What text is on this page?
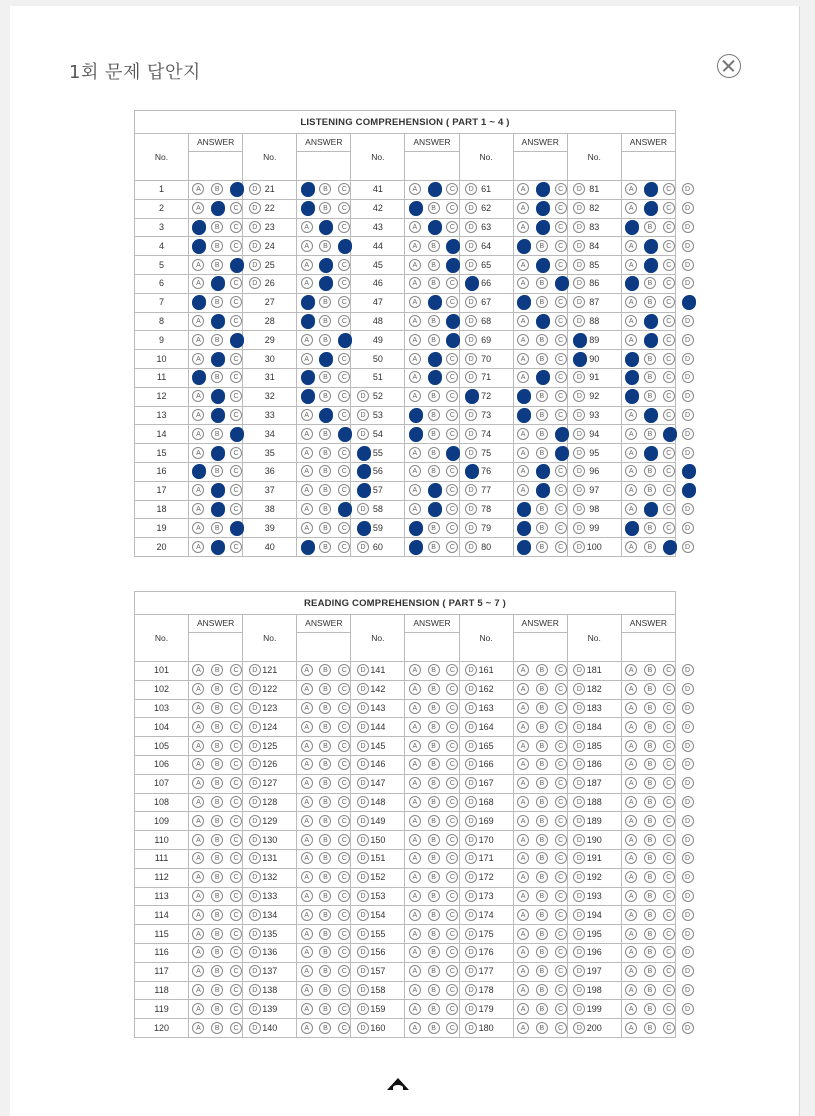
1회 문제 답안지
LISTENING COMPREHENSION ( PART 1 ~ 4 )									
No.	ANSWER	No.	ANSWER	No.	ANSWER	No.	ANSWER	No.	ANSWER

1	A B D	21	B C	41	A C D	61	A C D	81	A C D

2	A C D	22	B C	42	B C D	62	A C D	82	A C D

3	B C D	23	A C	43	A C D	63	A C D	83	B C D

4	B C D	24	A B	44	A B D	64	B C D	84	A C D

5	A B D	25	A C	45	A B D	65	A C D	85	A C D

6	A C D	26	A C	46	A B C	66	A B D	86	B C D

7	B C	27	B C	47	A C D	67	B C D	87	A B C

8	A C	28	B C	48	A B D	68	A C D	88	A C D

9	A B	29	A B	49	A B D	69	A B C	89	A C D

10	A C	30	A C	50	A C D	70	A B C	90	B C D

11	B C	31	B C	51	A C D	71	A C D	91	B C D

12	A C	32	B C D	52	A B C	72	B C D	92	B C D

13	A C	33	A C D	53	B C D	73	B C D	93	A C D

14	A B	34	A B D	54	B C D	74	A B D	94	A B D

15	A C	35	A B C	55	A B D	75	A B D	95	A C D

16	B C	36	A B C	56	A B C	76	A C D	96	A B C

17	A C	37	A B C	57	A C D	77	A C D	97	A B C

18	A C	38	A B D	58	A C D	78	B C D	98	A C D

19	A B	39	A B C	59	B C D	79	B C D	99	B C D

20	A C	40	B C D	60	B C D	80	B C D	100	A B D
READING COMPREHENSION ( PART 5 ~ 7 )									
No.	ANSWER	No.	ANSWER	No.	ANSWER	No.	ANSWER	No.	ANSWER

101	A B C D	121	A B C D	141	A B C D	161	A B C D	181	A B C D

102	A B C D	122	A B C D	142	A B C D	162	A B C D	182	A B C D

103	A B C D	123	A B C D	143	A B C D	163	A B C D	183	A B C D

104	A B C D	124	A B C D	144	A B C D	164	A B C D	184	A B C D

105	A B C D	125	A B C D	145	A B C D	165	A B C D	185	A B C D

106	A B C D	126	A B C D	146	A B C D	166	A B C D	186	A B C D

107	A B C D	127	A B C D	147	A B C D	167	A B C D	187	A B C D

108	A B C D	128	A B C D	148	A B C D	168	A B C D	188	A B C D

109	A B C D	129	A B C D	149	A B C D	169	A B C D	189	A B C D

110	A B C D	130	A B C D	150	A B C D	170	A B C D	190	A B C D

111	A B C D	131	A B C D	151	A B C D	171	A B C D	191	A B C D

112	A B C D	132	A B C D	152	A B C D	172	A B C D	192	A B C D

113	A B C D	133	A B C D	153	A B C D	173	A B C D	193	A B C D

114	A B C D	134	A B C D	154	A B C D	174	A B C D	194	A B C D

115	A B C D	135	A B C D	155	A B C D	175	A B C D	195	A B C D

116	A B C D	136	A B C D	156	A B C D	176	A B C D	196	A B C D

117	A B C D	137	A B C D	157	A B C D	177	A B C D	197	A B C D

118	A B C D	138	A B C D	158	A B C D	178	A B C D	198	A B C D

119	A B C D	139	A B C D	159	A B C D	179	A B C D	199	A B C D

120	A B C D	140	A B C D	160	A B C D	180	A B C D	200	A B C D
